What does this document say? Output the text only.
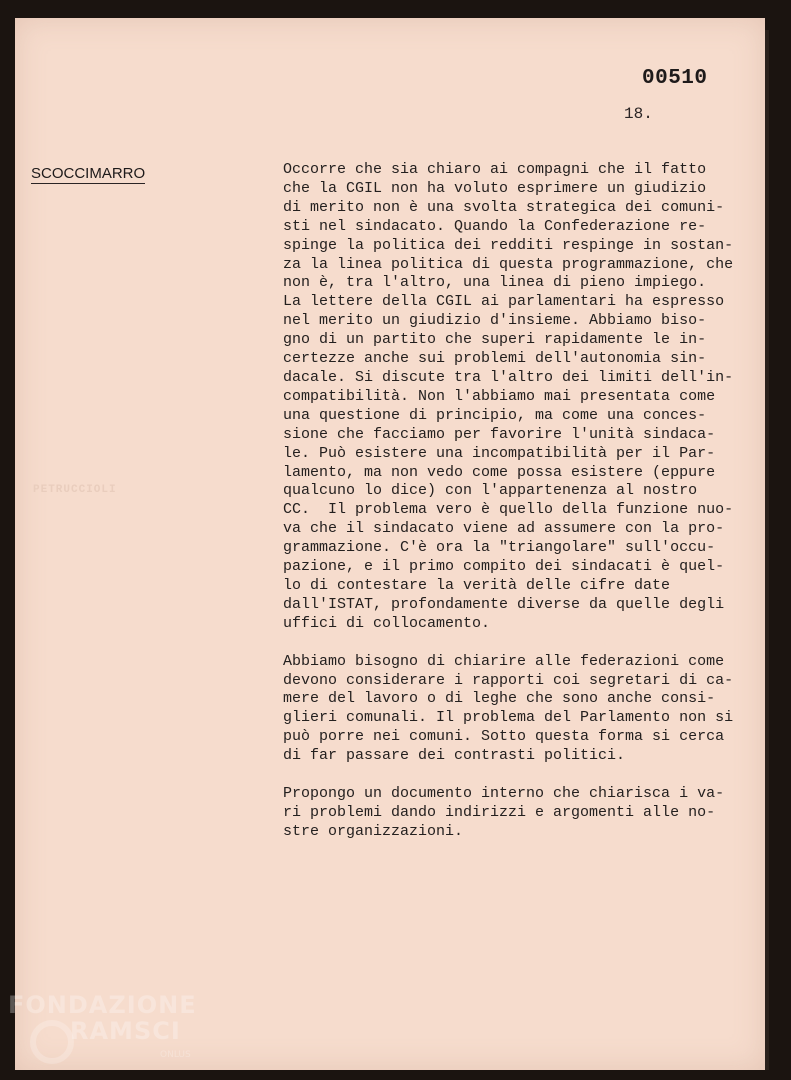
00510
18.
SCOCCIMARRO
PETRUCCIOLI

Occorre che sia chiaro ai compagni che il fatto
che la CGIL non ha voluto esprimere un giudizio
di merito non è una svolta strategica dei comuni-
sti nel sindacato. Quando la Confederazione re-
spinge la politica dei redditi respinge in sostan-
za la linea politica di questa programmazione, che
non è, tra l'altro, una linea di pieno impiego.
La lettere della CGIL ai parlamentari ha espresso
nel merito un giudizio d'insieme. Abbiamo biso-
gno di un partito che superi rapidamente le in-
certezze anche sui problemi dell'autonomia sin-
dacale. Si discute tra l'altro dei limiti dell'in-
compatibilità. Non l'abbiamo mai presentata come
una questione di principio, ma come una conces-
sione che facciamo per favorire l'unità sindaca-
le. Può esistere una incompatibilità per il Par-
lamento, ma non vedo come possa esistere (eppure
qualcuno lo dice) con l'appartenenza al nostro
CC.  Il problema vero è quello della funzione nuo-
va che il sindacato viene ad assumere con la pro-
grammazione. C'è ora la "triangolare" sull'occu-
pazione, e il primo compito dei sindacati è quel-
lo di contestare la verità delle cifre date
dall'ISTAT, profondamente diverse da quelle degli
uffici di collocamento.

Abbiamo bisogno di chiarire alle federazioni come
devono considerare i rapporti coi segretari di ca-
mere del lavoro o di leghe che sono anche consi-
glieri comunali. Il problema del Parlamento non si
può porre nei comuni. Sotto questa forma si cerca
di far passare dei contrasti politici.

Propongo un documento interno che chiarisca i va-
ri problemi dando indirizzi e argomenti alle no-
stre organizzazioni.

FONDAZIONE
RAMSCI
ONLUS
